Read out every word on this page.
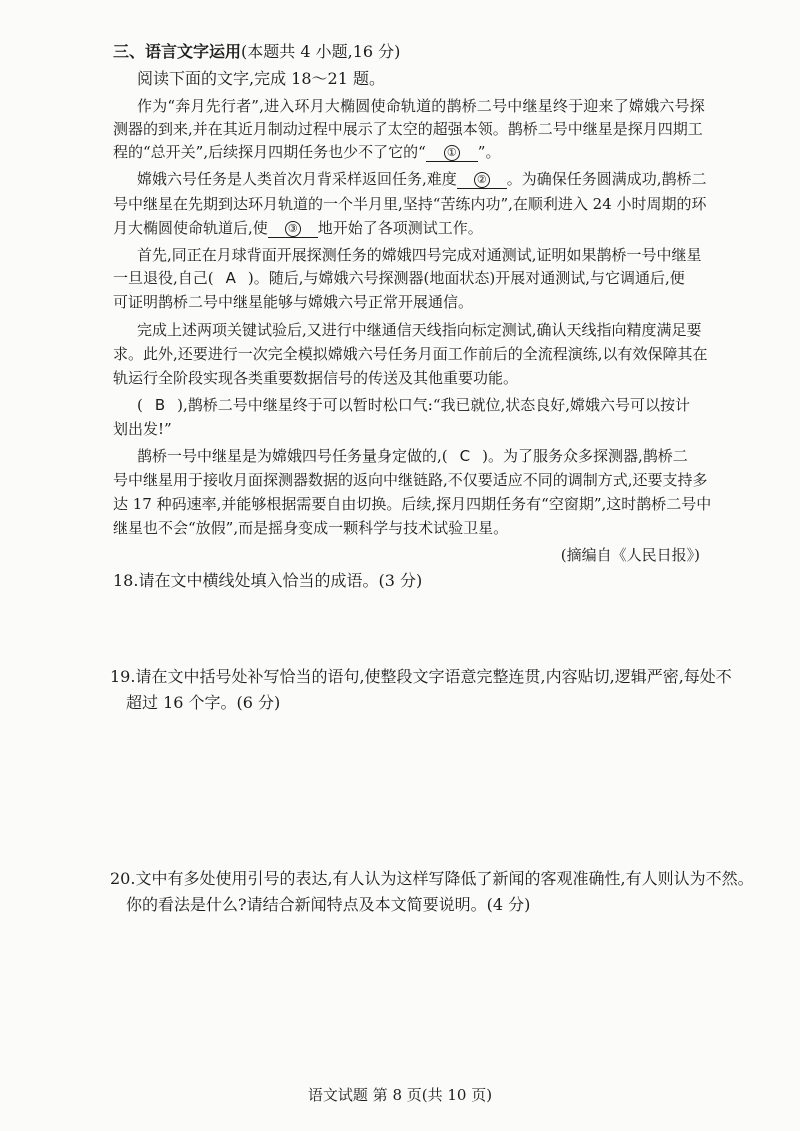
三、语言文字运用(本题共 4 小题,16 分)
阅读下面的文字,完成 18～21 题。
作为“奔月先行者”,进入环月大椭圆使命轨道的鹊桥二号中继星终于迎来了嫦娥六号探
测器的到来,并在其近月制动过程中展示了太空的超强本领。鹊桥二号中继星是探月四期工
程的“总开关”,后续探月四期任务也少不了它的“ ① ”。
嫦娥六号任务是人类首次月背采样返回任务,难度 ② 。为确保任务圆满成功,鹊桥二
号中继星在先期到达环月轨道的一个半月里,坚持“苦练内功”,在顺利进入 24 小时周期的环
月大椭圆使命轨道后,使 ③ 地开始了各项测试工作。
首先,同正在月球背面开展探测任务的嫦娥四号完成对通测试,证明如果鹊桥一号中继星
一旦退役,自己( A )。随后,与嫦娥六号探测器(地面状态)开展对通测试,与它调通后,便
可证明鹊桥二号中继星能够与嫦娥六号正常开展通信。
完成上述两项关键试验后,又进行中继通信天线指向标定测试,确认天线指向精度满足要
求。此外,还要进行一次完全模拟嫦娥六号任务月面工作前后的全流程演练,以有效保障其在
轨运行全阶段实现各类重要数据信号的传送及其他重要功能。
( B ),鹊桥二号中继星终于可以暂时松口气:“我已就位,状态良好,嫦娥六号可以按计
划出发!”
鹊桥一号中继星是为嫦娥四号任务量身定做的,( C )。为了服务众多探测器,鹊桥二
号中继星用于接收月面探测器数据的返向中继链路,不仅要适应不同的调制方式,还要支持多
达 17 种码速率,并能够根据需要自由切换。后续,探月四期任务有“空窗期”,这时鹊桥二号中
继星也不会“放假”,而是摇身变成一颗科学与技术试验卫星。
(摘编自《人民日报》)
18.请在文中横线处填入恰当的成语。(3 分)
19.请在文中括号处补写恰当的语句,使整段文字语意完整连贯,内容贴切,逻辑严密,每处不
超过 16 个字。(6 分)
20.文中有多处使用引号的表达,有人认为这样写降低了新闻的客观准确性,有人则认为不然。
你的看法是什么?请结合新闻特点及本文简要说明。(4 分)
语文试题 第 8 页(共 10 页)
